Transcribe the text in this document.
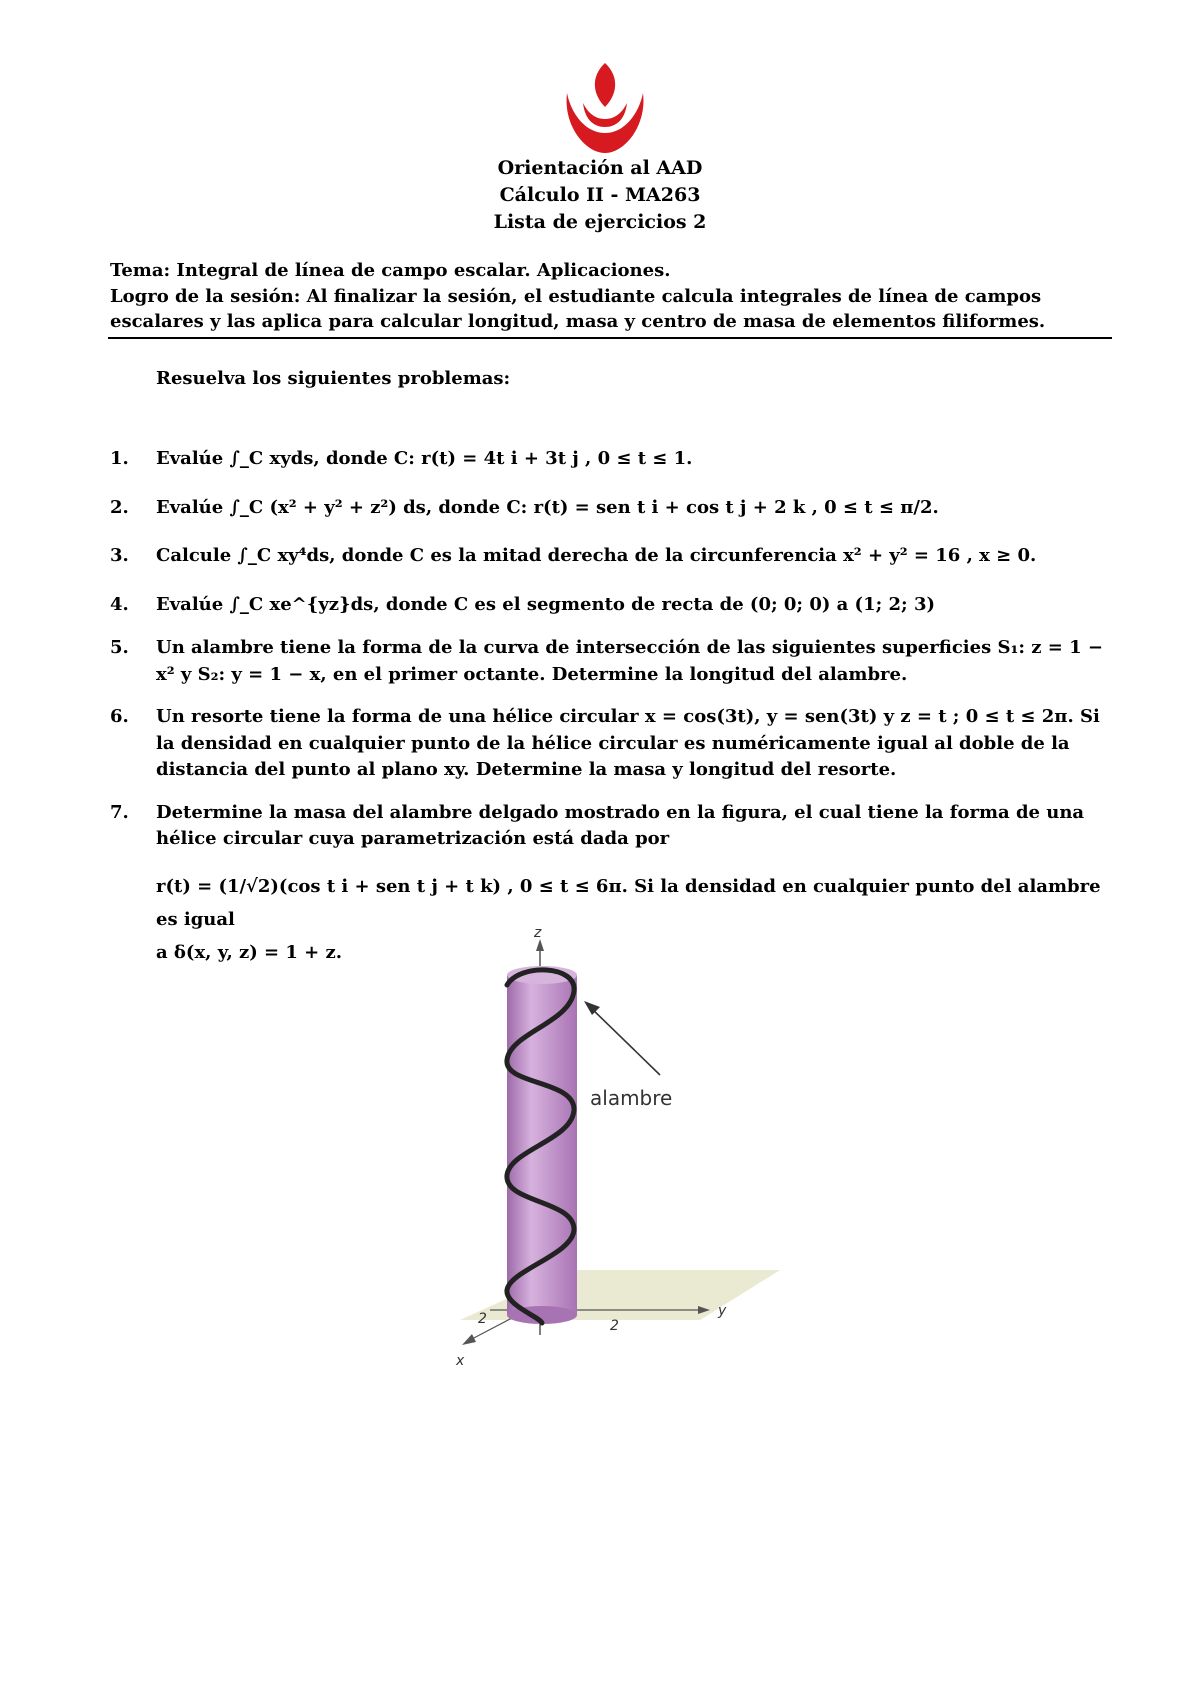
Orientación al AAD
Cálculo II - MA263
Lista de ejercicios 2
Tema: Integral de línea de campo escalar. Aplicaciones.
Logro de la sesión: Al finalizar la sesión, el estudiante calcula integrales de línea de campos escalares y las aplica para calcular longitud, masa y centro de masa de elementos filiformes.
Resuelva los siguientes problemas:
1.	Evalúe ∫_C xyds, donde C: r(t) = 4t i + 3t j , 0 ≤ t ≤ 1.
2.	Evalúe ∫_C (x² + y² + z²) ds, donde C: r(t) = sen t i + cos t j + 2 k , 0 ≤ t ≤ π/2.
3.	Calcule ∫_C xy⁴ds, donde C es la mitad derecha de la circunferencia x² + y² = 16 , x ≥ 0.
4.	Evalúe ∫_C xe^{yz}ds, donde C es el segmento de recta de (0; 0; 0) a (1; 2; 3)
5.	Un alambre tiene la forma de la curva de intersección de las siguientes superficies S₁: z = 1 − x² y S₂: y = 1 − x, en el primer octante. Determine la longitud del alambre.
6.	Un resorte tiene la forma de una hélice circular x = cos(3t), y = sen(3t) y z = t ; 0 ≤ t ≤ 2π. Si la densidad en cualquier punto de la hélice circular es numéricamente igual al doble de la distancia del punto al plano xy. Determine la masa y longitud del resorte.
7.	Determine la masa del alambre delgado mostrado en la figura, el cual tiene la forma de una hélice circular cuya parametrización está dada por
r(t) = (1/√2)(cos t i + sen t j + t k) , 0 ≤ t ≤ 6π. Si la densidad en cualquier punto del alambre es igual
a δ(x, y, z) = 1 + z.
z
y
2
x
2
alambre
